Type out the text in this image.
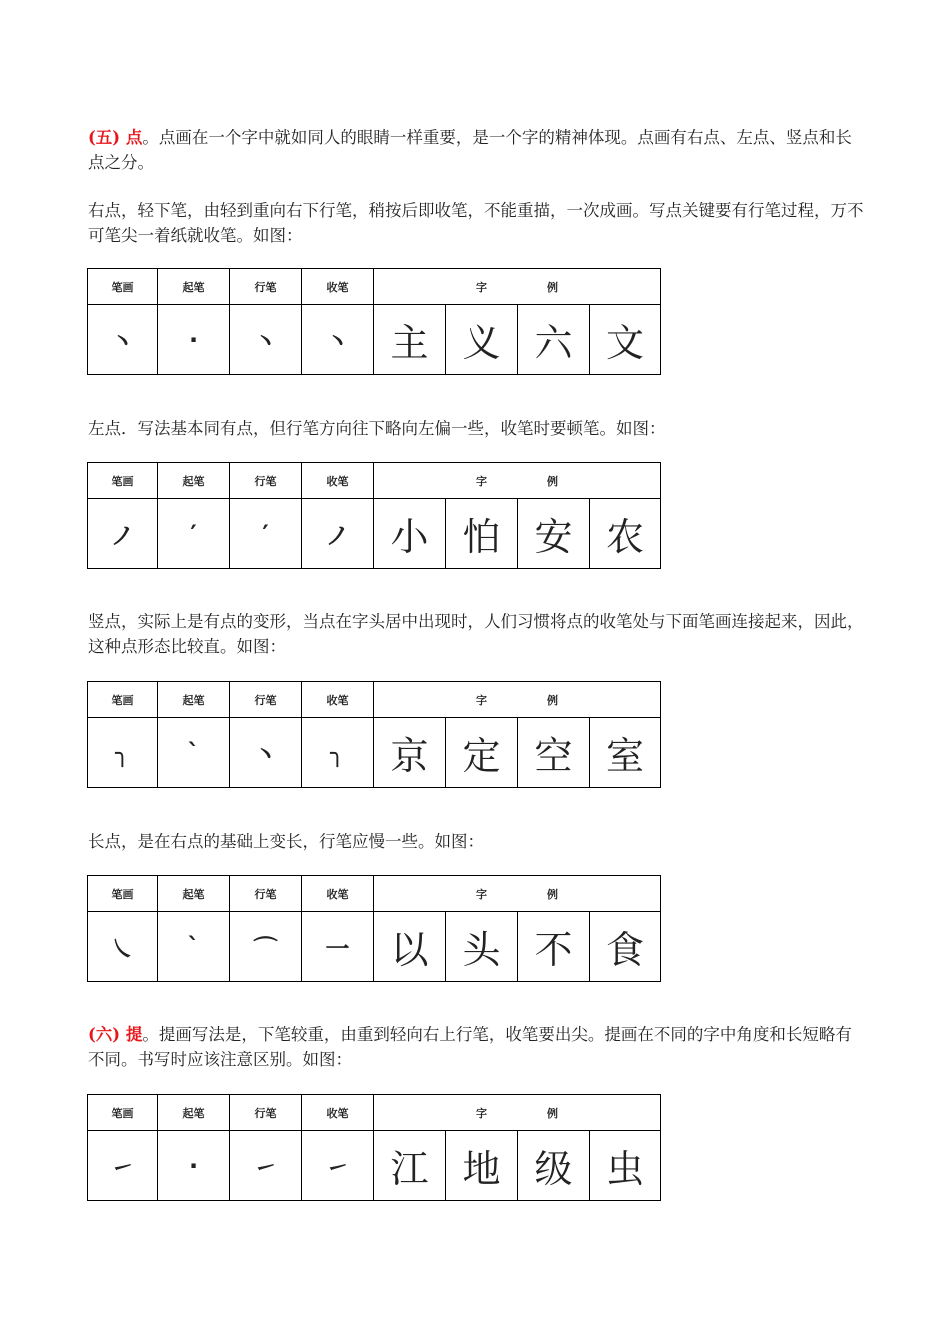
(五) 点。点画在一个字中就如同人的眼睛一样重要，是一个字的精神体现。点画有右点、左点、竖点和长点之分。

右点，轻下笔，由轻到重向右下行笔，稍按后即收笔，不能重描，一次成画。写点关键要有行笔过程，万不可笔尖一着纸就收笔。如图：

笔画	起笔	行笔	收笔	字 例			
丶	·	丶	丶	主	义	六	文

左点．写法基本同有点，但行笔方向往下略向左偏一些，收笔时要顿笔。如图：

笔画	起笔	行笔	收笔	字 例			
ノ	′	′	ノ	小	怕	安	农

竖点，实际上是有点的变形，当点在字头居中出现时，人们习惯将点的收笔处与下面笔画连接起来，因此，这种点形态比较直。如图：

笔画	起笔	行笔	收笔	字 例			
╮	`	丶	╮	京	定	空	室

长点，是在右点的基础上变长，行笔应慢一些。如图：

笔画	起笔	行笔	收笔	字 例			
㇏	`	⌒	一	以	头	不	食

(六) 提。提画写法是，下笔较重，由重到轻向右上行笔，收笔要出尖。提画在不同的字中角度和长短略有不同。书写时应该注意区别。如图：

笔画	起笔	行笔	收笔	字 例			
㇀	·	㇀	㇀	江	地	级	虫
